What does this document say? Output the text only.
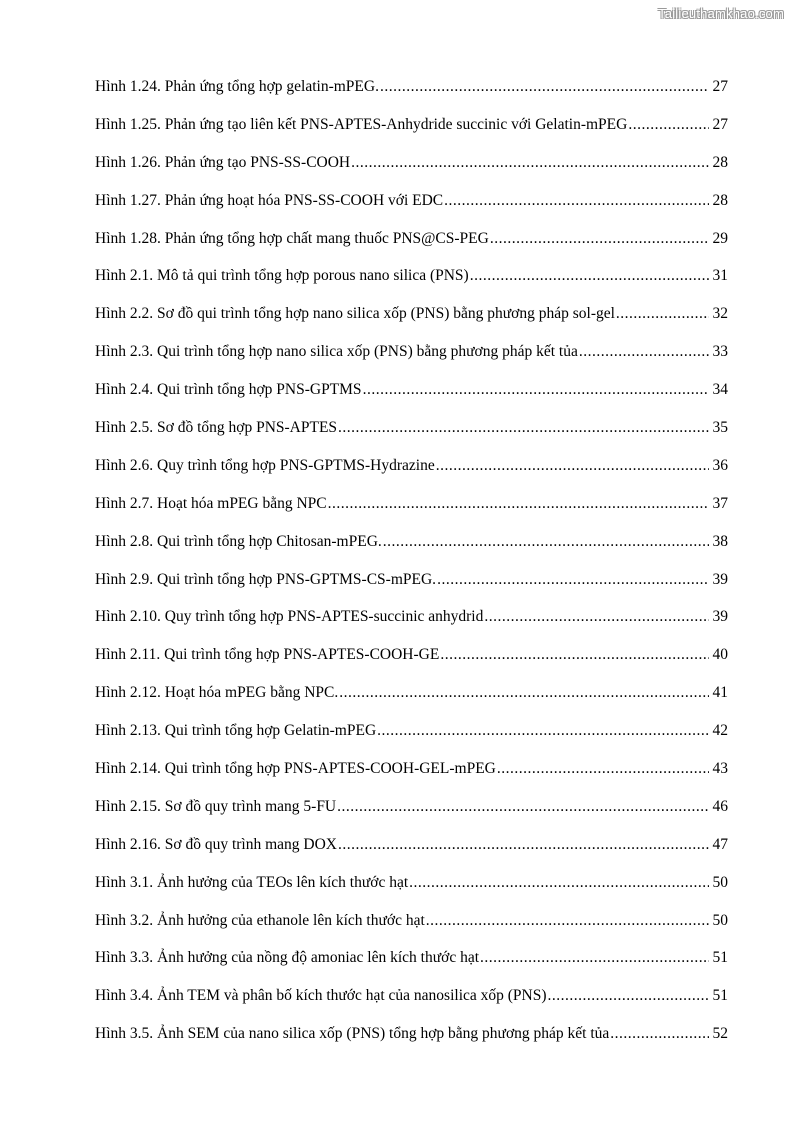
Tailieuthamkhao.com
Hình 1.24. Phản ứng tổng hợp gelatin-mPEG. .....	27
Hình 1.25. Phản ứng tạo liên kết PNS-APTES-Anhydride succinic với Gelatin-mPEG .....	27
Hình 1.26. Phản ứng tạo PNS-SS-COOH .....	28
Hình 1.27. Phản ứng hoạt hóa PNS-SS-COOH với EDC .....	28
Hình 1.28. Phản ứng tổng hợp chất mang thuốc PNS@CS-PEG .....	29
Hình 2.1. Mô tả qui trình tổng hợp porous nano silica (PNS) .....	31
Hình 2.2. Sơ đồ qui trình tổng hợp nano silica xốp (PNS) bằng phương pháp sol-gel .....	32
Hình 2.3. Qui trình tổng hợp nano silica xốp (PNS) bằng phương pháp kết tủa .....	33
Hình 2.4. Qui trình tổng hợp PNS-GPTMS .....	34
Hình 2.5. Sơ đồ tổng hợp PNS-APTES .....	35
Hình 2.6. Quy trình tổng hợp PNS-GPTMS-Hydrazine .....	36
Hình 2.7. Hoạt hóa mPEG bằng NPC .....	37
Hình 2.8. Qui trình tổng hợp Chitosan-mPEG. .....	38
Hình 2.9. Qui trình tổng hợp PNS-GPTMS-CS-mPEG. .....	39
Hình 2.10. Quy trình tổng hợp PNS-APTES-succinic anhydrid .....	39
Hình 2.11. Qui trình tổng hợp PNS-APTES-COOH-GE .....	40
Hình 2.12. Hoạt hóa mPEG bằng NPC. .....	41
Hình 2.13. Qui trình tổng hợp Gelatin-mPEG .....	42
Hình 2.14. Qui trình tổng hợp PNS-APTES-COOH-GEL-mPEG .....	43
Hình 2.15. Sơ đồ quy trình mang 5-FU .....	46
Hình 2.16. Sơ đồ quy trình mang DOX .....	47
Hình 3.1. Ảnh hưởng của TEOs lên kích thước hạt .....	50
Hình 3.2. Ảnh hưởng của ethanole lên kích thước hạt .....	50
Hình 3.3. Ảnh hưởng của nồng độ amoniac lên kích thước hạt .....	51
Hình 3.4. Ảnh TEM và phân bố kích thước hạt của nanosilica xốp (PNS) .....	51
Hình 3.5. Ảnh SEM của nano silica xốp (PNS) tổng hợp bằng phương pháp kết tủa .....	52
